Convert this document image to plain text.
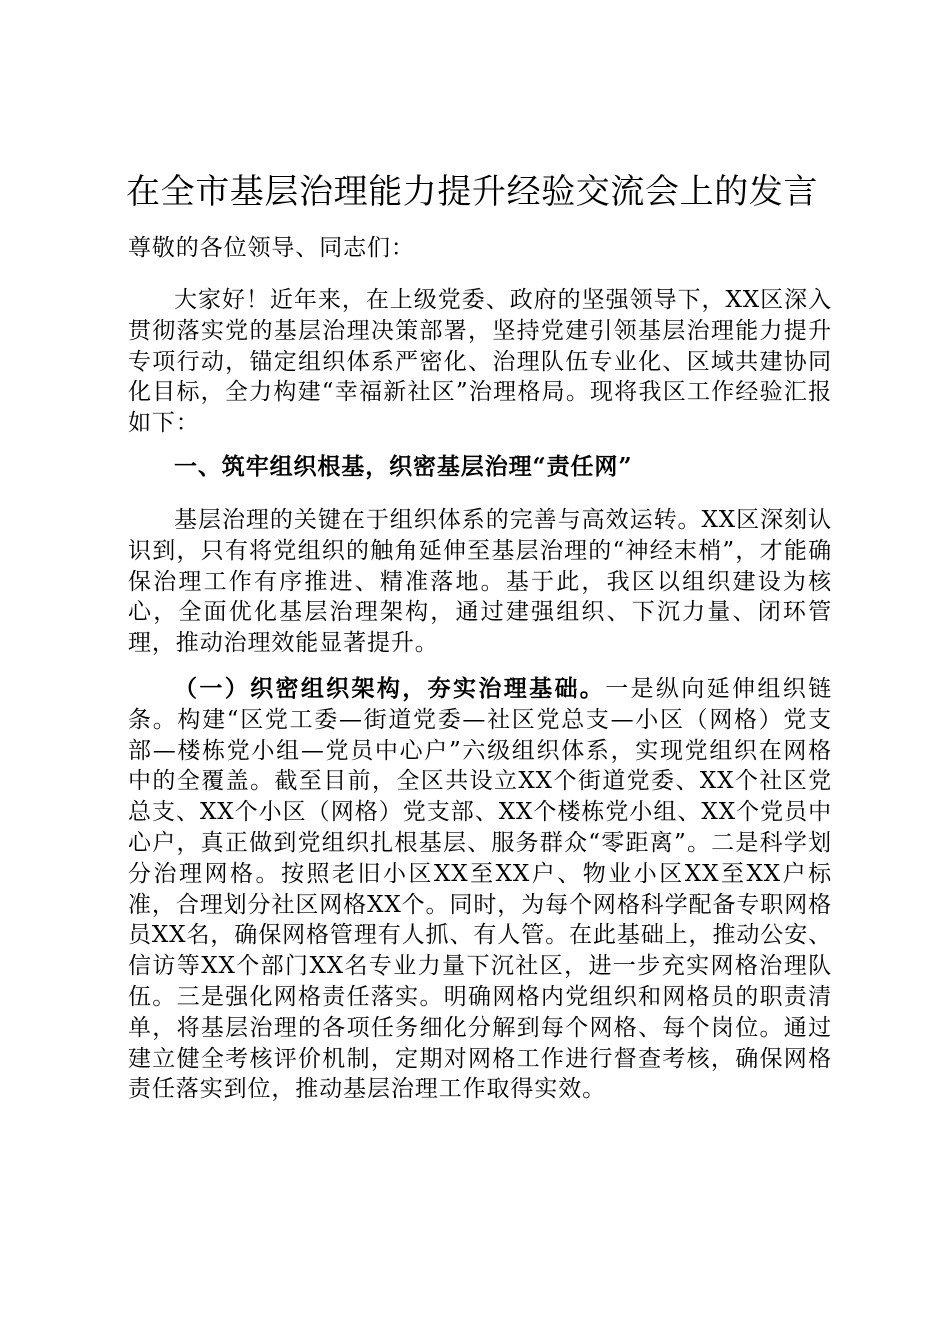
在全市基层治理能力提升经验交流会上的发言

尊敬的各位领导、同志们：

大家好！近年来，在上级党委、政府的坚强领导下，XX区深入贯彻落实党的基层治理决策部署，坚持党建引领基层治理能力提升专项行动，锚定组织体系严密化、治理队伍专业化、区域共建协同化目标，全力构建“幸福新社区”治理格局。现将我区工作经验汇报如下：

一、筑牢组织根基，织密基层治理“责任网”

基层治理的关键在于组织体系的完善与高效运转。XX区深刻认识到，只有将党组织的触角延伸至基层治理的“神经末梢”，才能确保治理工作有序推进、精准落地。基于此，我区以组织建设为核心，全面优化基层治理架构，通过建强组织、下沉力量、闭环管理，推动治理效能显著提升。

（一）织密组织架构，夯实治理基础。一是纵向延伸组织链条。构建“区党工委—街道党委—社区党总支—小区（网格）党支部—楼栋党小组—党员中心户”六级组织体系，实现党组织在网格中的全覆盖。截至目前，全区共设立XX个街道党委、XX个社区党总支、XX个小区（网格）党支部、XX个楼栋党小组、XX个党员中心户，真正做到党组织扎根基层、服务群众“零距离”。二是科学划分治理网格。按照老旧小区XX至XX户、物业小区XX至XX户标准，合理划分社区网格XX个。同时，为每个网格科学配备专职网格员XX名，确保网格管理有人抓、有人管。在此基础上，推动公安、信访等XX个部门XX名专业力量下沉社区，进一步充实网格治理队伍。三是强化网格责任落实。明确网格内党组织和网格员的职责清单，将基层治理的各项任务细化分解到每个网格、每个岗位。通过建立健全考核评价机制，定期对网格工作进行督查考核，确保网格责任落实到位，推动基层治理工作取得实效。
